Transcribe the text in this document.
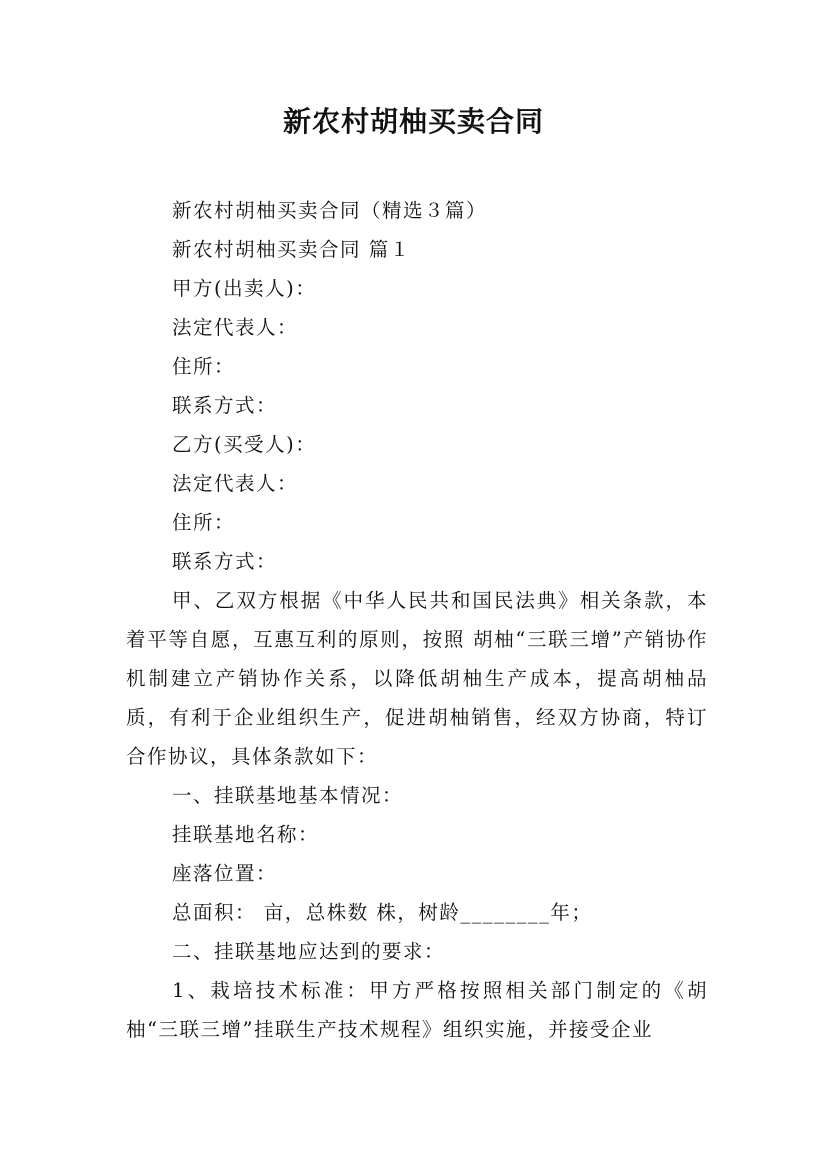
新农村胡柚买卖合同

新农村胡柚买卖合同（精选３篇）

新农村胡柚买卖合同 篇１

甲方(出卖人)：

法定代表人：

住所：

联系方式：

乙方(买受人)：

法定代表人：

住所：

联系方式：

甲、乙双方根据《中华人民共和国民法典》相关条款，本着平等自愿，互惠互利的原则，按照 胡柚“三联三增”产销协作机制建立产销协作关系，以降低胡柚生产成本，提高胡柚品质，有利于企业组织生产，促进胡柚销售，经双方协商，特订合作协议，具体条款如下：

一、挂联基地基本情况：

挂联基地名称：

座落位置：

总面积： 亩，总株数 株，树龄________年；

二、挂联基地应达到的要求：

1、栽培技术标准：甲方严格按照相关部门制定的《胡柚“三联三增”挂联生产技术规程》组织实施，并接受企业
